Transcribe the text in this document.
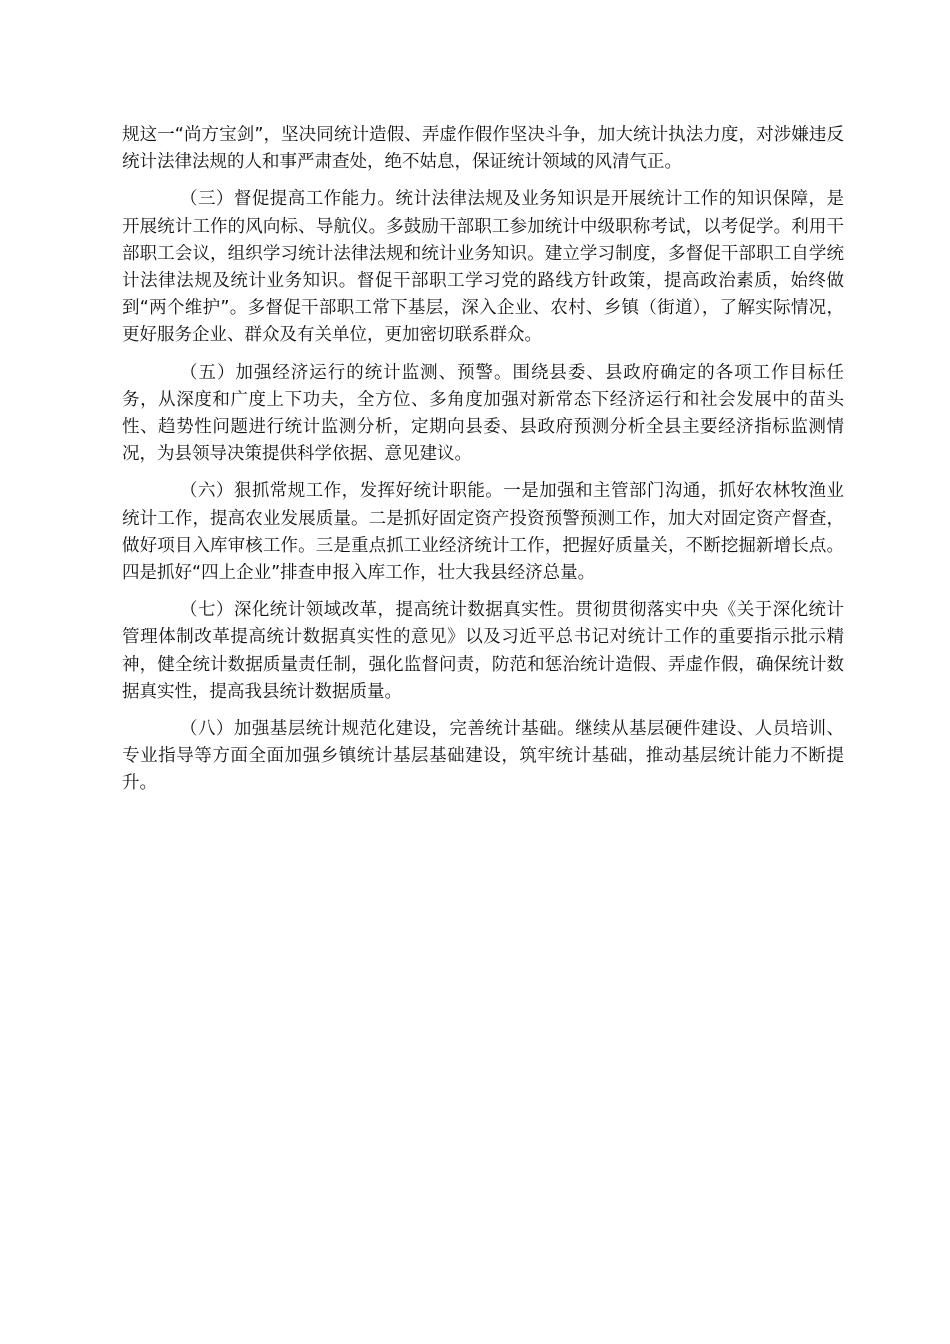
规这一“尚方宝剑”，坚决同统计造假、弄虚作假作坚决斗争，加大统计执法力度，对涉嫌违反统计法律法规的人和事严肃查处，绝不姑息，保证统计领域的风清气正。

（三）督促提高工作能力。统计法律法规及业务知识是开展统计工作的知识保障，是开展统计工作的风向标、导航仪。多鼓励干部职工参加统计中级职称考试，以考促学。利用干部职工会议，组织学习统计法律法规和统计业务知识。建立学习制度，多督促干部职工自学统计法律法规及统计业务知识。督促干部职工学习党的路线方针政策，提高政治素质，始终做到“两个维护”。多督促干部职工常下基层，深入企业、农村、乡镇（街道），了解实际情况，更好服务企业、群众及有关单位，更加密切联系群众。

（五）加强经济运行的统计监测、预警。围绕县委、县政府确定的各项工作目标任务，从深度和广度上下功夫，全方位、多角度加强对新常态下经济运行和社会发展中的苗头性、趋势性问题进行统计监测分析，定期向县委、县政府预测分析全县主要经济指标监测情况，为县领导决策提供科学依据、意见建议。

（六）狠抓常规工作，发挥好统计职能。一是加强和主管部门沟通，抓好农林牧渔业统计工作，提高农业发展质量。二是抓好固定资产投资预警预测工作，加大对固定资产督查，做好项目入库审核工作。三是重点抓工业经济统计工作，把握好质量关，不断挖掘新增长点。四是抓好“四上企业”排查申报入库工作，壮大我县经济总量。

（七）深化统计领域改革，提高统计数据真实性。贯彻贯彻落实中央《关于深化统计管理体制改革提高统计数据真实性的意见》以及习近平总书记对统计工作的重要指示批示精神，健全统计数据质量责任制，强化监督问责，防范和惩治统计造假、弄虚作假，确保统计数据真实性，提高我县统计数据质量。

（八）加强基层统计规范化建设，完善统计基础。继续从基层硬件建设、人员培训、专业指导等方面全面加强乡镇统计基层基础建设，筑牢统计基础，推动基层统计能力不断提升。
